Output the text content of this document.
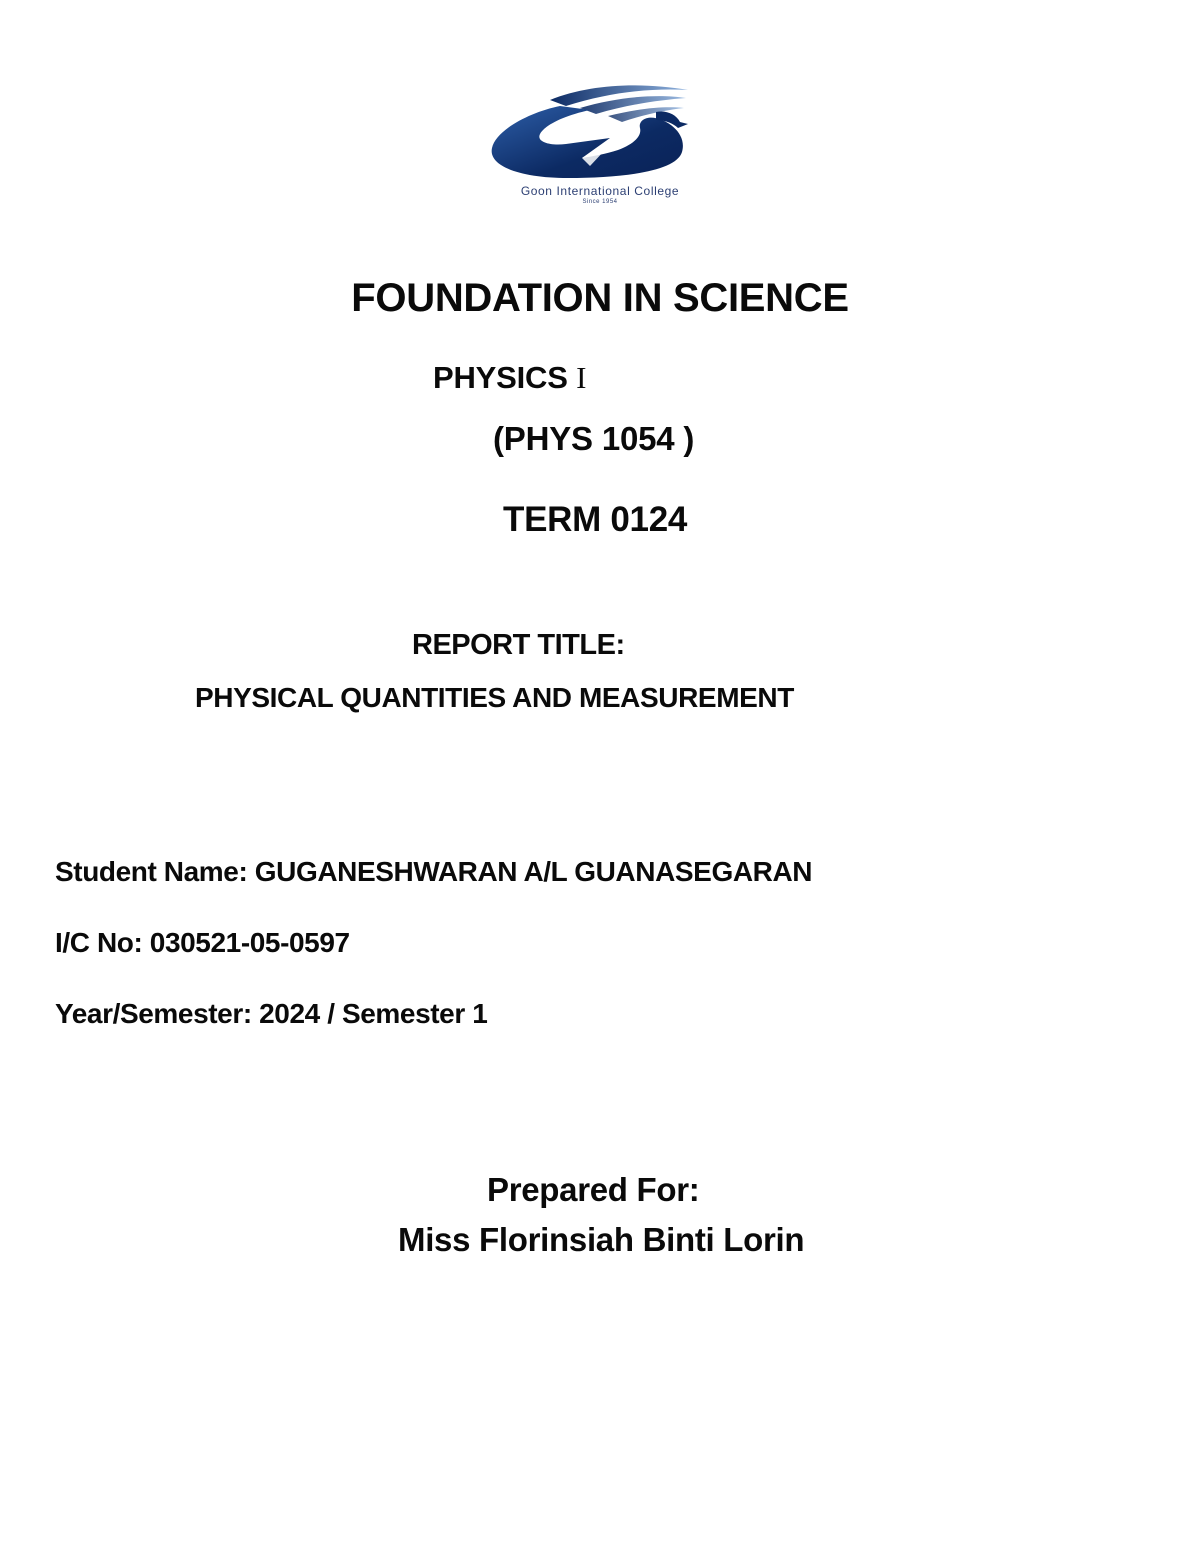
Goon International College
Since 1954
FOUNDATION IN SCIENCE
PHYSICS I
(PHYS 1054 )
TERM 0124
REPORT TITLE:
PHYSICAL QUANTITIES AND MEASUREMENT
Student Name: GUGANESHWARAN A/L GUANASEGARAN
I/C No: 030521-05-0597
Year/Semester: 2024 / Semester 1
Prepared For:
Miss Florinsiah Binti Lorin
